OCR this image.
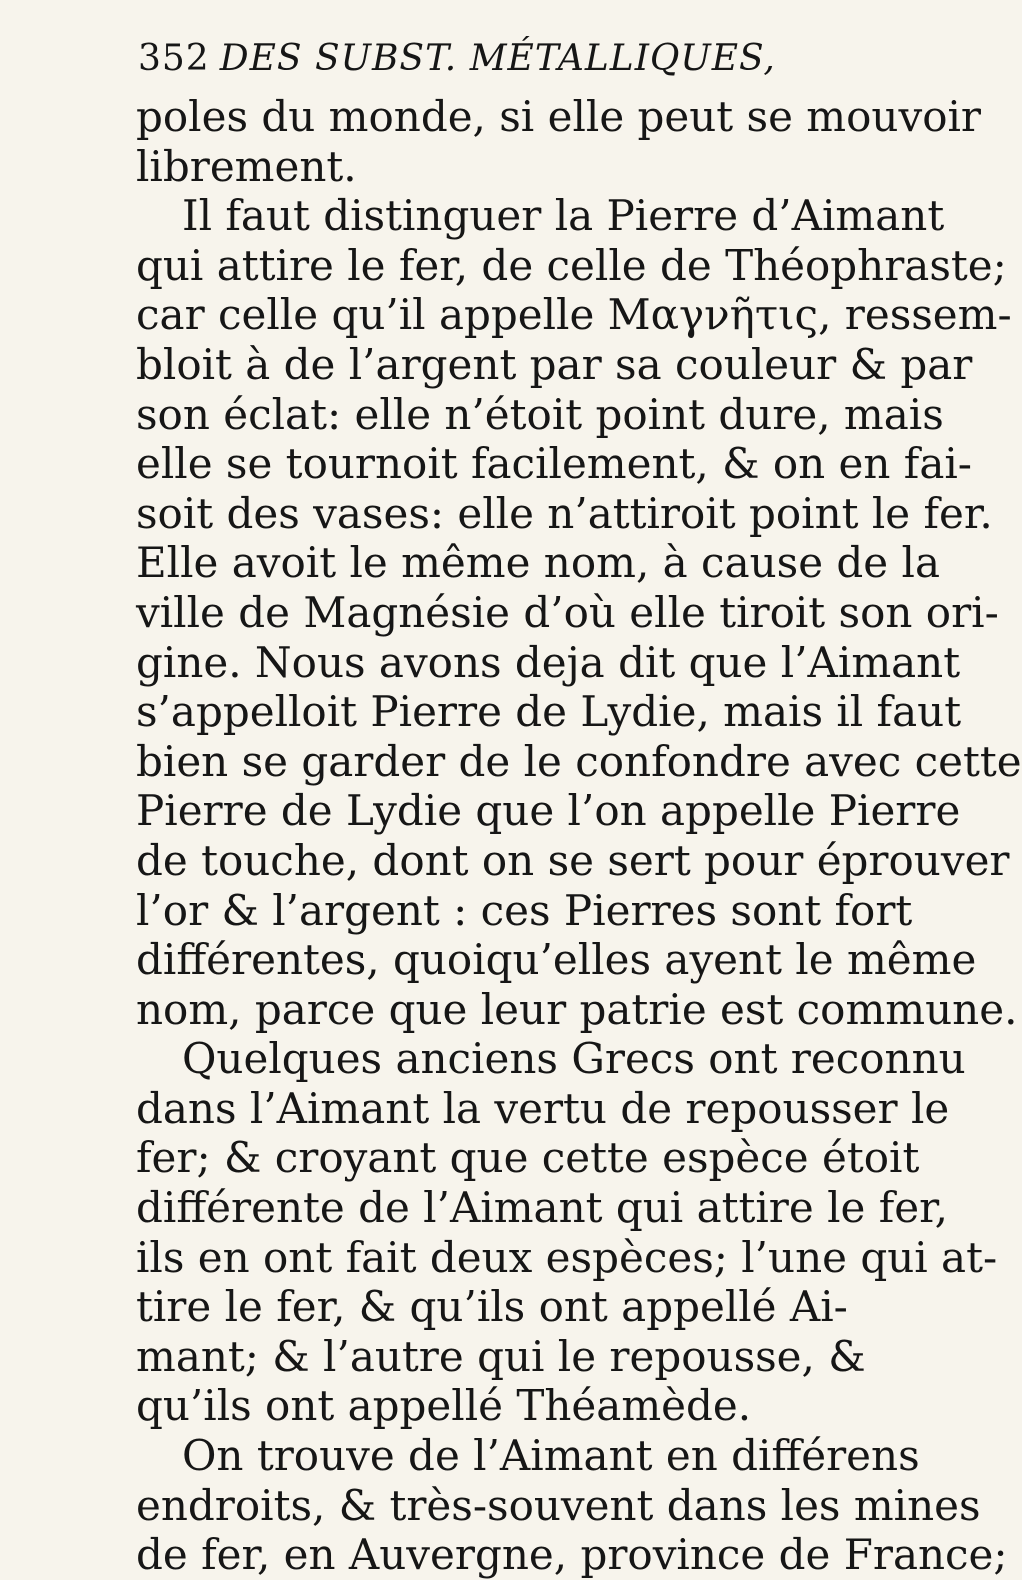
352 DES SUBST. MÉTALLIQUES,
poles du monde, si elle peut se mouvoir
librement.
Il faut distinguer la Pierre d’Aimant
qui attire le fer, de celle de Théophraste;
car celle qu’il appelle Μαγνῆτις, ressem-
bloit à de l’argent par sa couleur & par
son éclat: elle n’étoit point dure, mais
elle se tournoit facilement, & on en fai-
soit des vases: elle n’attiroit point le fer.
Elle avoit le même nom, à cause de la
ville de Magnésie d’où elle tiroit son ori-
gine. Nous avons deja dit que l’Aimant
s’appelloit Pierre de Lydie, mais il faut
bien se garder de le confondre avec cette
Pierre de Lydie que l’on appelle Pierre
de touche, dont on se sert pour éprouver
l’or & l’argent : ces Pierres sont fort
différentes, quoiqu’elles ayent le même
nom, parce que leur patrie est commune.
Quelques anciens Grecs ont reconnu
dans l’Aimant la vertu de repousser le
fer; & croyant que cette espèce étoit
différente de l’Aimant qui attire le fer,
ils en ont fait deux espèces; l’une qui at-
tire le fer, & qu’ils ont appellé Ai-
mant; & l’autre qui le repousse, &
qu’ils ont appellé Théamède.
On trouve de l’Aimant en différens
endroits, & très-souvent dans les mines
de fer, en Auvergne, province de France;
